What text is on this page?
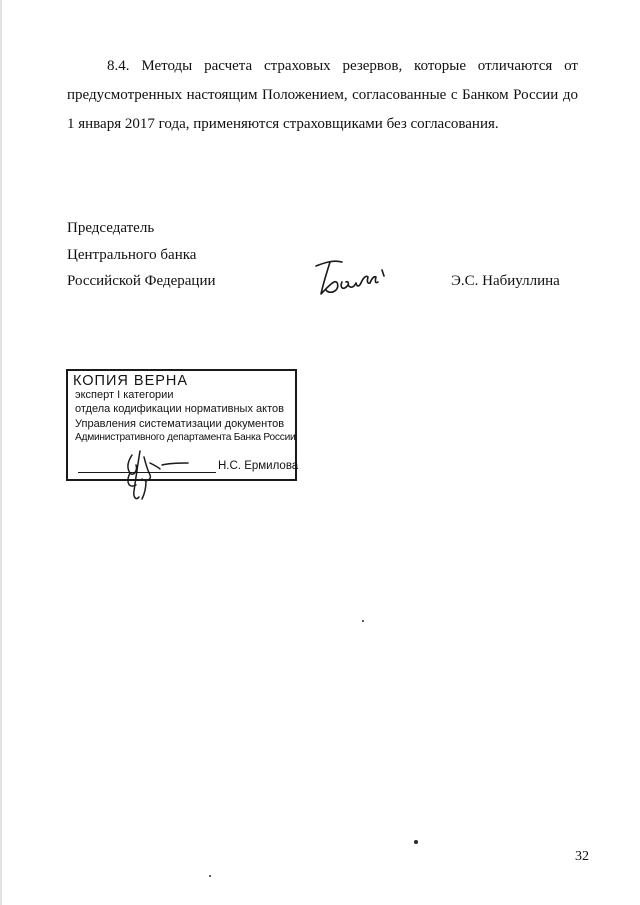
8.4. Методы расчета страховых резервов, которые отличаются от
предусмотренных настоящим Положением, согласованные с Банком России до
1 января 2017 года, применяются страховщиками без согласования.

Председатель
Центрального банка
Российской Федерации	Э.С. Набиуллина
КОПИЯ ВЕРНА
эксперт I категории
отдела кодификации нормативных актов
Управления систематизации документов
Административного департамента Банка России
Н.С. Ермилова
32
